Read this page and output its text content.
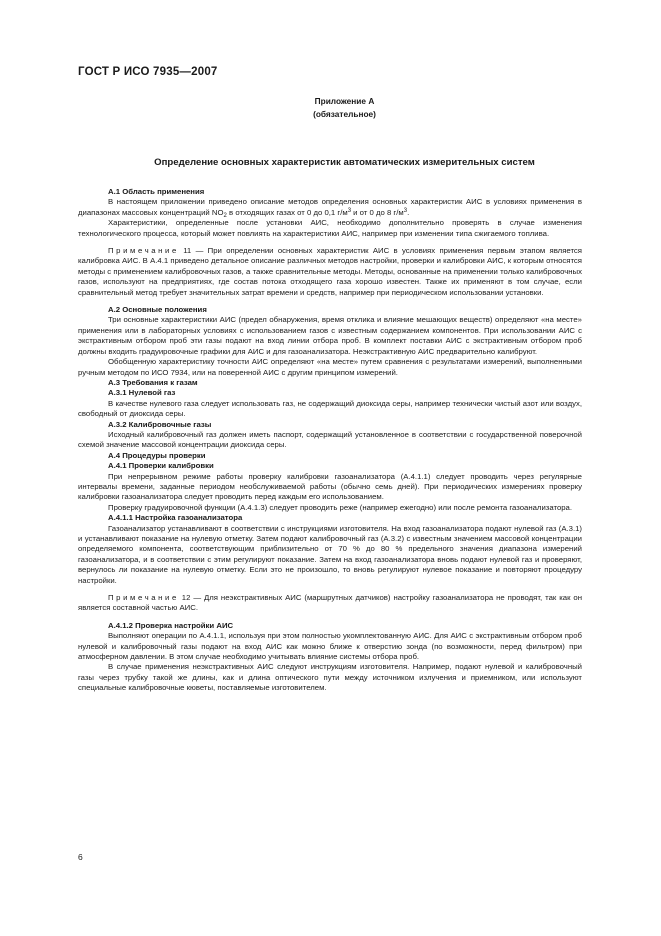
ГОСТ Р ИСО 7935—2007
Приложение А
(обязательное)
Определение основных характеристик автоматических измерительных систем

А.1 Область применения

В настоящем приложении приведено описание методов определения основных характеристик АИС в условиях применения в диапазонах массовых концентраций $NO_2$ в отходящих газах от 0 до 0,1 $г/м^3$ и от 0 до 8 $г/м^3$.

Характеристики, определенные после установки АИС, необходимо дополнительно проверять в случае изменения технологического процесса, который может повлиять на характеристики АИС, например при изменении типа сжигаемого топлива.

Примечание 11 — При определении основных характеристик АИС в условиях применения первым этапом является калибровка АИС. В А.4.1 приведено детальное описание различных методов настройки, проверки и калибровки АИС, к которым относятся методы с применением калибровочных газов, а также сравнительные методы. Методы, основанные на применении только калибровочных газов, используют на предприятиях, где состав потока отходящего газа хорошо известен. Также их применяют в том случае, если сравнительный метод требует значительных затрат времени и средств, например при периодическом использовании установки.

А.2 Основные положения

Три основные характеристики АИС (предел обнаружения, время отклика и влияние мешающих веществ) определяют «на месте» применения или в лабораторных условиях с использованием газов с известным содержанием компонентов. При использовании АИС с экстрактивным отбором проб эти газы подают на вход линии отбора проб. В комплект поставки АИС с экстрактивным отбором проб должны входить градуировочные графики для АИС и для газоанализатора. Неэкстрактивную АИС предварительно калибруют.

Обобщенную характеристику точности АИС определяют «на месте» путем сравнения с результатами измерений, выполненными ручным методом по ИСО 7934, или на поверенной АИС с другим принципом измерений.

А.3 Требования к газам

А.3.1 Нулевой газ

В качестве нулевого газа следует использовать газ, не содержащий диоксида серы, например технически чистый азот или воздух, свободный от диоксида серы.

А.3.2 Калибровочные газы

Исходный калибровочный газ должен иметь паспорт, содержащий установленное в соответствии с государственной поверочной схемой значение массовой концентрации диоксида серы.

А.4 Процедуры проверки

А.4.1 Проверки калибровки

При непрерывном режиме работы проверку калибровки газоанализатора (А.4.1.1) следует проводить через регулярные интервалы времени, заданные периодом необслуживаемой работы (обычно семь дней). При периодических измерениях проверку калибровки газоанализатора следует проводить перед каждым его использованием.

Проверку градуировочной функции (А.4.1.3) следует проводить реже (например ежегодно) или после ремонта газоанализатора.

А.4.1.1 Настройка газоанализатора

Газоанализатор устанавливают в соответствии с инструкциями изготовителя. На вход газоанализатора подают нулевой газ (А.3.1) и устанавливают показание на нулевую отметку. Затем подают калибровочный газ (А.3.2) с известным значением массовой концентрации определяемого компонента, соответствующим приблизительно от 70 % до 80 % предельного значения диапазона измерений газоанализатора, и в соответствии с этим регулируют показание. Затем на вход газоанализатора вновь подают нулевой газ и проверяют, вернулось ли показание на нулевую отметку. Если это не произошло, то вновь регулируют нулевое показание и повторяют процедуру настройки.

Примечание 12 — Для неэкстрактивных АИС (маршрутных датчиков) настройку газоанализатора не проводят, так как он является составной частью АИС.

А.4.1.2 Проверка настройки АИС

Выполняют операции по А.4.1.1, используя при этом полностью укомплектованную АИС. Для АИС с экстрактивным отбором проб нулевой и калибровочный газы подают на вход АИС как можно ближе к отверстию зонда (по возможности, перед фильтром) при атмосферном давлении. В этом случае необходимо учитывать влияние системы отбора проб.

В случае применения неэкстрактивных АИС следуют инструкциям изготовителя. Например, подают нулевой и калибровочный газы через трубку такой же длины, как и длина оптического пути между источником излучения и приемником, или используют специальные калибровочные кюветы, поставляемые изготовителем.

6
